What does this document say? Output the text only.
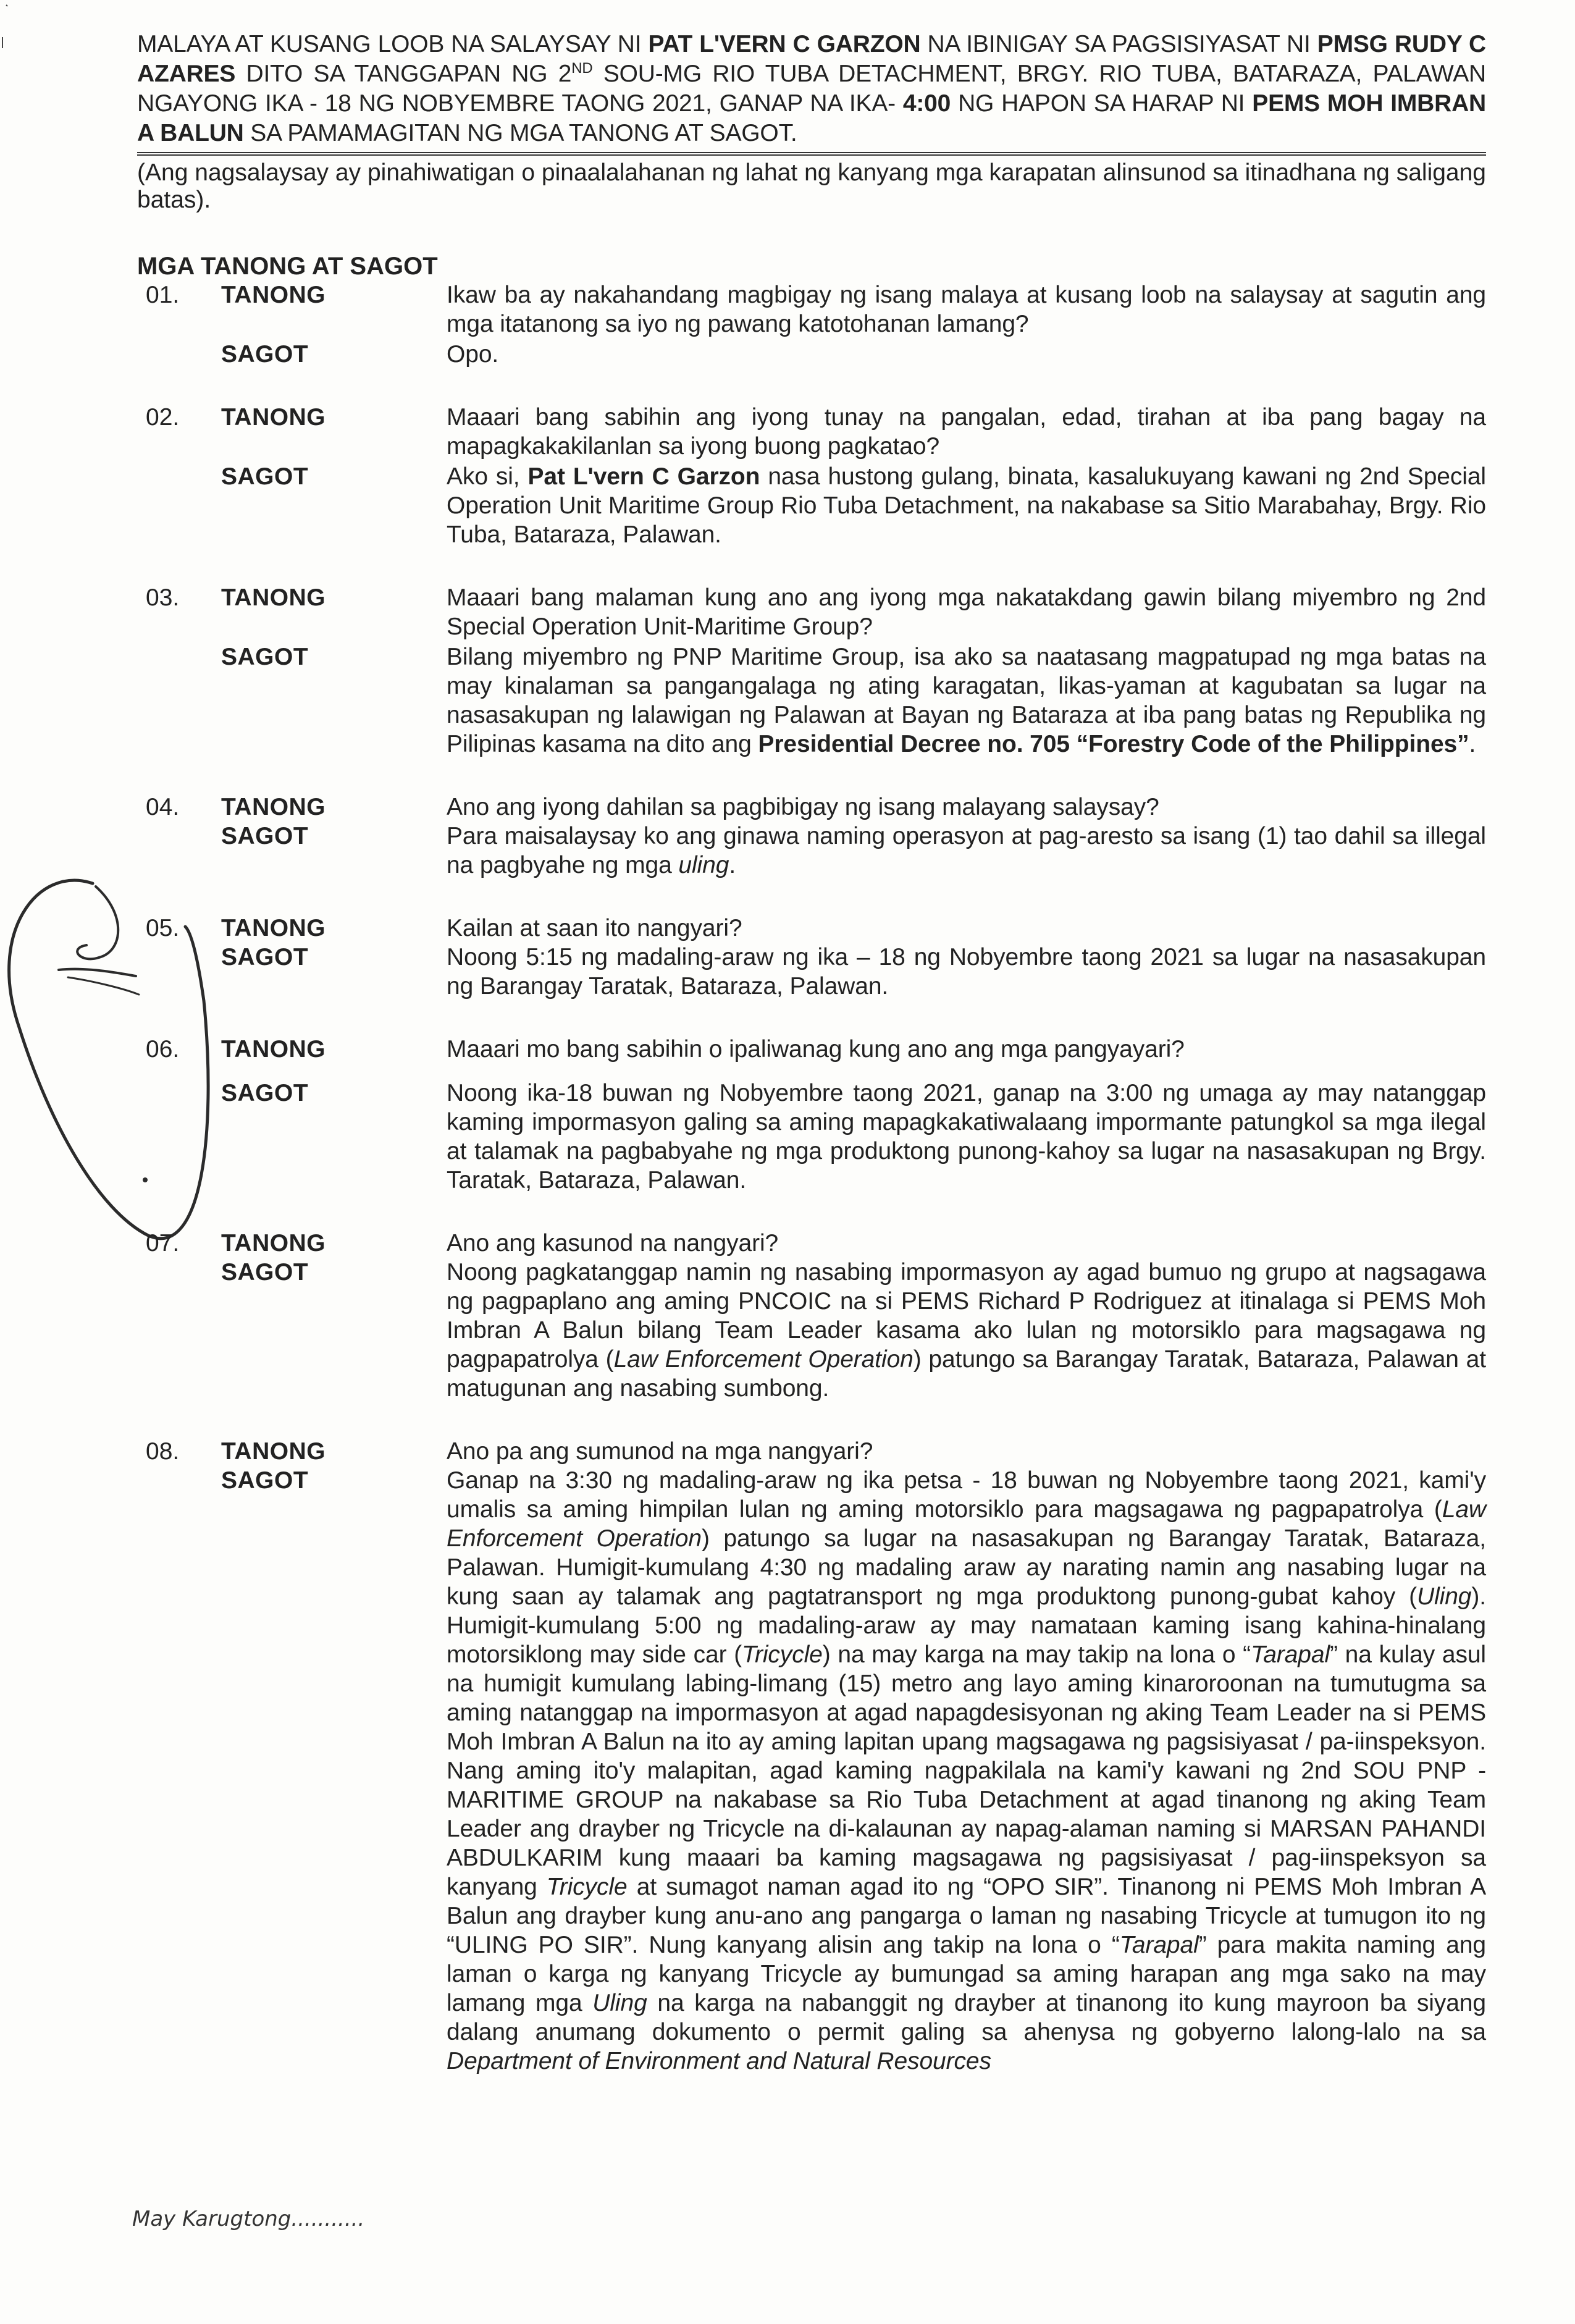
MALAYA AT KUSANG LOOB NA SALAYSAY NI PAT L'VERN C GARZON NA IBINIGAY SA PAGSISIYASAT NI PMSG RUDY C AZARES DITO SA TANGGAPAN NG 2ND SOU-MG RIO TUBA DETACHMENT, BRGY. RIO TUBA, BATARAZA, PALAWAN NGAYONG IKA - 18 NG NOBYEMBRE TAONG 2021, GANAP NA IKA- 4:00 NG HAPON SA HARAP NI PEMS MOH IMBRAN A BALUN SA PAMAMAGITAN NG MGA TANONG AT SAGOT.
(Ang nagsalaysay ay pinahiwatigan o pinaalalahanan ng lahat ng kanyang mga karapatan alinsunod sa itinadhana ng saligang batas).
MGA TANONG AT SAGOT
01.	TANONG	Ikaw ba ay nakahandang magbigay ng isang malaya at kusang loob na salaysay at sagutin ang mga itatanong sa iyo ng pawang katotohanan lamang?
SAGOT	Opo.
02.	TANONG	Maaari bang sabihin ang iyong tunay na pangalan, edad, tirahan at iba pang bagay na mapagkakakilanlan sa iyong buong pagkatao?
SAGOT	Ako si, Pat L'vern C Garzon nasa hustong gulang, binata, kasalukuyang kawani ng 2nd Special Operation Unit Maritime Group Rio Tuba Detachment, na nakabase sa Sitio Marabahay, Brgy. Rio Tuba, Bataraza, Palawan.
03.	TANONG	Maaari bang malaman kung ano ang iyong mga nakatakdang gawin bilang miyembro ng 2nd Special Operation Unit-Maritime Group?
SAGOT	Bilang miyembro ng PNP Maritime Group, isa ako sa naatasang magpatupad ng mga batas na may kinalaman sa pangangalaga ng ating karagatan, likas-yaman at kagubatan sa lugar na nasasakupan ng lalawigan ng Palawan at Bayan ng Bataraza at iba pang batas ng Republika ng Pilipinas kasama na dito ang Presidential Decree no. 705 “Forestry Code of the Philippines”.
04.	TANONG	Ano ang iyong dahilan sa pagbibigay ng isang malayang salaysay?
SAGOT	Para maisalaysay ko ang ginawa naming operasyon at pag-aresto sa isang (1) tao dahil sa illegal na pagbyahe ng mga uling.
05.	TANONG	Kailan at saan ito nangyari?
SAGOT	Noong 5:15 ng madaling-araw ng ika – 18 ng Nobyembre taong 2021 sa lugar na nasasakupan ng Barangay Taratak, Bataraza, Palawan.
06.	TANONG	Maaari mo bang sabihin o ipaliwanag kung ano ang mga pangyayari?
SAGOT	Noong ika-18 buwan ng Nobyembre taong 2021, ganap na 3:00 ng umaga ay may natanggap kaming impormasyon galing sa aming mapagkakatiwalaang impormante patungkol sa mga ilegal at talamak na pagbabyahe ng mga produktong punong-kahoy sa lugar na nasasakupan ng Brgy. Taratak, Bataraza, Palawan.
07.	TANONG	Ano ang kasunod na nangyari?
SAGOT	Noong pagkatanggap namin ng nasabing impormasyon ay agad bumuo ng grupo at nagsagawa ng pagpaplano ang aming PNCOIC na si PEMS Richard P Rodriguez at itinalaga si PEMS Moh Imbran A Balun bilang Team Leader kasama ako lulan ng motorsiklo para magsagawa ng pagpapatrolya (Law Enforcement Operation) patungo sa Barangay Taratak, Bataraza, Palawan at matugunan ang nasabing sumbong.
08.	TANONG	Ano pa ang sumunod na mga nangyari?
SAGOT	Ganap na 3:30 ng madaling-araw ng ika petsa - 18 buwan ng Nobyembre taong 2021, kami'y umalis sa aming himpilan lulan ng aming motorsiklo para magsagawa ng pagpapatrolya (Law Enforcement Operation) patungo sa lugar na nasasakupan ng Barangay Taratak, Bataraza, Palawan. Humigit-kumulang 4:30 ng madaling araw ay narating namin ang nasabing lugar na kung saan ay talamak ang pagtatransport ng mga produktong punong-gubat kahoy (Uling). Humigit-kumulang 5:00 ng madaling-araw ay may namataan kaming isang kahina-hinalang motorsiklong may side car (Tricycle) na may karga na may takip na lona o “Tarapal” na kulay asul na humigit kumulang labing-limang (15) metro ang layo aming kinaroroonan na tumutugma sa aming natanggap na impormasyon at agad napagdesisyonan ng aking Team Leader na si PEMS Moh Imbran A Balun na ito ay aming lapitan upang magsagawa ng pagsisiyasat / pa-iinspeksyon. Nang aming ito'y malapitan, agad kaming nagpakilala na kami'y kawani ng 2nd SOU PNP - MARITIME GROUP na nakabase sa Rio Tuba Detachment at agad tinanong ng aking Team Leader ang drayber ng Tricycle na di-kalaunan ay napag-alaman naming si MARSAN PAHANDI ABDULKARIM kung maaari ba kaming magsagawa ng pagsisiyasat / pag-iinspeksyon sa kanyang Tricycle at sumagot naman agad ito ng “OPO SIR”. Tinanong ni PEMS Moh Imbran A Balun ang drayber kung anu-ano ang pangarga o laman ng nasabing Tricycle at tumugon ito ng “ULING PO SIR”. Nung kanyang alisin ang takip na lona o “Tarapal” para makita naming ang laman o karga ng kanyang Tricycle ay bumungad sa aming harapan ang mga sako na may lamang mga Uling na karga na nabanggit ng drayber at tinanong ito kung mayroon ba siyang dalang anumang dokumento o permit galing sa ahenysa ng gobyerno lalong-lalo na sa Department of Environment and Natural Resources
May Karugtong...........
